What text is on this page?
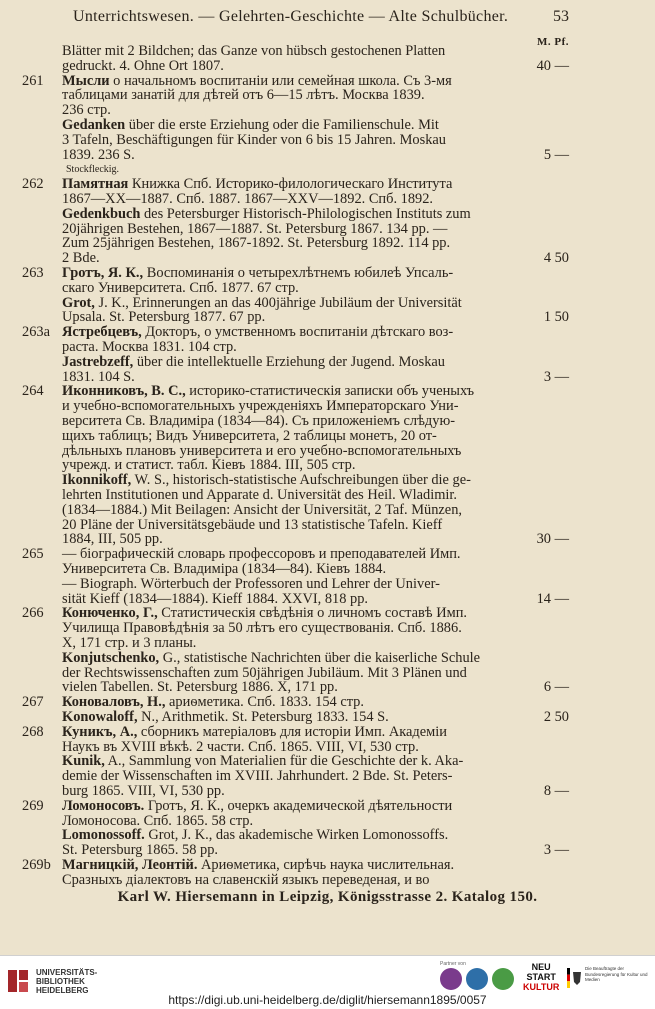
Unterrichtswesen. — Gelehrten-Geschichte — Alte Schulbücher.	53
M. Pf.
Blätter mit 2 Bildchen; das Ganze von hübsch gestochenen Platten
gedruckt. 4. Ohne Ort 1807.	40 —
261	Мысли о начальномъ воспитаніи или семейная школа. Съ 3-мя
таблицами занатій для дѣтей отъ 6—15 лѣтъ. Москва 1839.
236 стр.
Gedanken über die erste Erziehung oder die Familienschule. Mit
3 Tafeln, Beschäftigungen für Kinder von 6 bis 15 Jahren. Moskau
1839. 236 S.	5 —
Stockfleckig.
262	Памятная Книжка Спб. Историко-филологическаго Института
1867—XX—1887. Спб. 1887. 1867—XXV—1892. Спб. 1892.
Gedenkbuch des Petersburger Historisch-Philologischen Instituts zum
20jährigen Bestehen, 1867—1887. St. Petersburg 1867. 134 pp. —
Zum 25jährigen Bestehen, 1867-1892. St. Petersburg 1892. 114 pp.
2 Bde.	4 50
263	Гротъ, Я. К., Воспоминанія о четырехлѣтнемъ юбилеѣ Упсаль-
скаго Университета. Спб. 1877. 67 стр.
Grot, J. K., Erinnerungen an das 400jährige Jubiläum der Universität
Upsala. St. Petersburg 1877. 67 pp.	1 50
263a Ястребцевъ, Докторъ, о умственномъ воспитаніи дѣтскаго воз-
раста. Москва 1831. 104 стр.
Jastrebzeff, über die intellektuelle Erziehung der Jugend. Moskau
1831. 104 S.	3 —
264	Иконниковъ, В. С., историко-статистическія записки объ ученыхъ
и учебно-вспомогательныхъ учрежденіяхъ Императорскаго Уни-
верситета Св. Владиміра (1834—84). Съ приложеніемъ слѣдую-
щихъ таблицъ; Видъ Университета, 2 таблицы монетъ, 20 от-
дѣльныхъ плановъ университета и его учебно-вспомогательныхъ
учрежд. и статист. табл. Кіевъ 1884. III, 505 стр.
Ikonnikoff, W. S., historisch-statistische Aufschreibungen über die ge-
lehrten Institutionen und Apparate d. Universität des Heil. Wladimir.
(1834—1884.) Mit Beilagen: Ansicht der Universität, 2 Taf. Münzen,
20 Pläne der Universitätsgebäude und 13 statistische Tafeln. Kieff
1884, III, 505 pp.	30 —
265	— біографическій словарь профессоровъ и преподавателей Имп.
Университета Св. Владиміра (1834—84). Кіевъ 1884.
— Biograph. Wörterbuch der Professoren und Lehrer der Univer-
sität Kieff (1834—1884). Kieff 1884. XXVI, 818 pp.	14 —
266	Конюченко, Г., Статистическія свѣдѣнія о личномъ составѣ Имп.
Училища Правовѣдѣнія за 50 лѣтъ его существованія. Спб. 1886.
X, 171 стр. и 3 планы.
Konjutschenko, G., statistische Nachrichten über die kaiserliche Schule
der Rechtswissenschaften zum 50jährigen Jubiläum. Mit 3 Plänen und
vielen Tabellen. St. Petersburg 1886. X, 171 pp.	6 —
267	Коноваловъ, Н., ариѳметика. Спб. 1833. 154 стр.
Konowaloff, N., Arithmetik. St. Petersburg 1833. 154 S.	2 50
268	Куникъ, А., сборникъ матеріаловъ для исторіи Имп. Академіи
Наукъ въ XVIII вѣкѣ. 2 части. Спб. 1865. VIII, VI, 530 стр.
Kunik, A., Sammlung von Materialien für die Geschichte der k. Aka-
demie der Wissenschaften im XVIII. Jahrhundert. 2 Bde. St. Peters-
burg 1865. VIII, VI, 530 pp.	8 —
269	Ломоносовъ. Гротъ, Я. К., очеркъ академической дѣятельности
Ломоносова. Спб. 1865. 58 стр.
Lomonossoff. Grot, J. K., das akademische Wirken Lomonossoffs.
St. Petersburg 1865. 58 pp.	3 —
269b Магницкій, Леонтій. Ариѳметика, сирѣчь наука числительная.
Сразныхъ діалектовъ на славенскій языкъ переведеная, и во
Karl W. Hiersemann in Leipzig, Königsstrasse 2. Katalog 150.
UNIVERSITÄTS-
BIBLIOTHEK
HEIDELBERG
Partner von	NEU
START
KULTUR
Die Beauftragte der Bundesregierung für Kultur und Medien
https://digi.ub.uni-heidelberg.de/diglit/hiersemann1895/0057
